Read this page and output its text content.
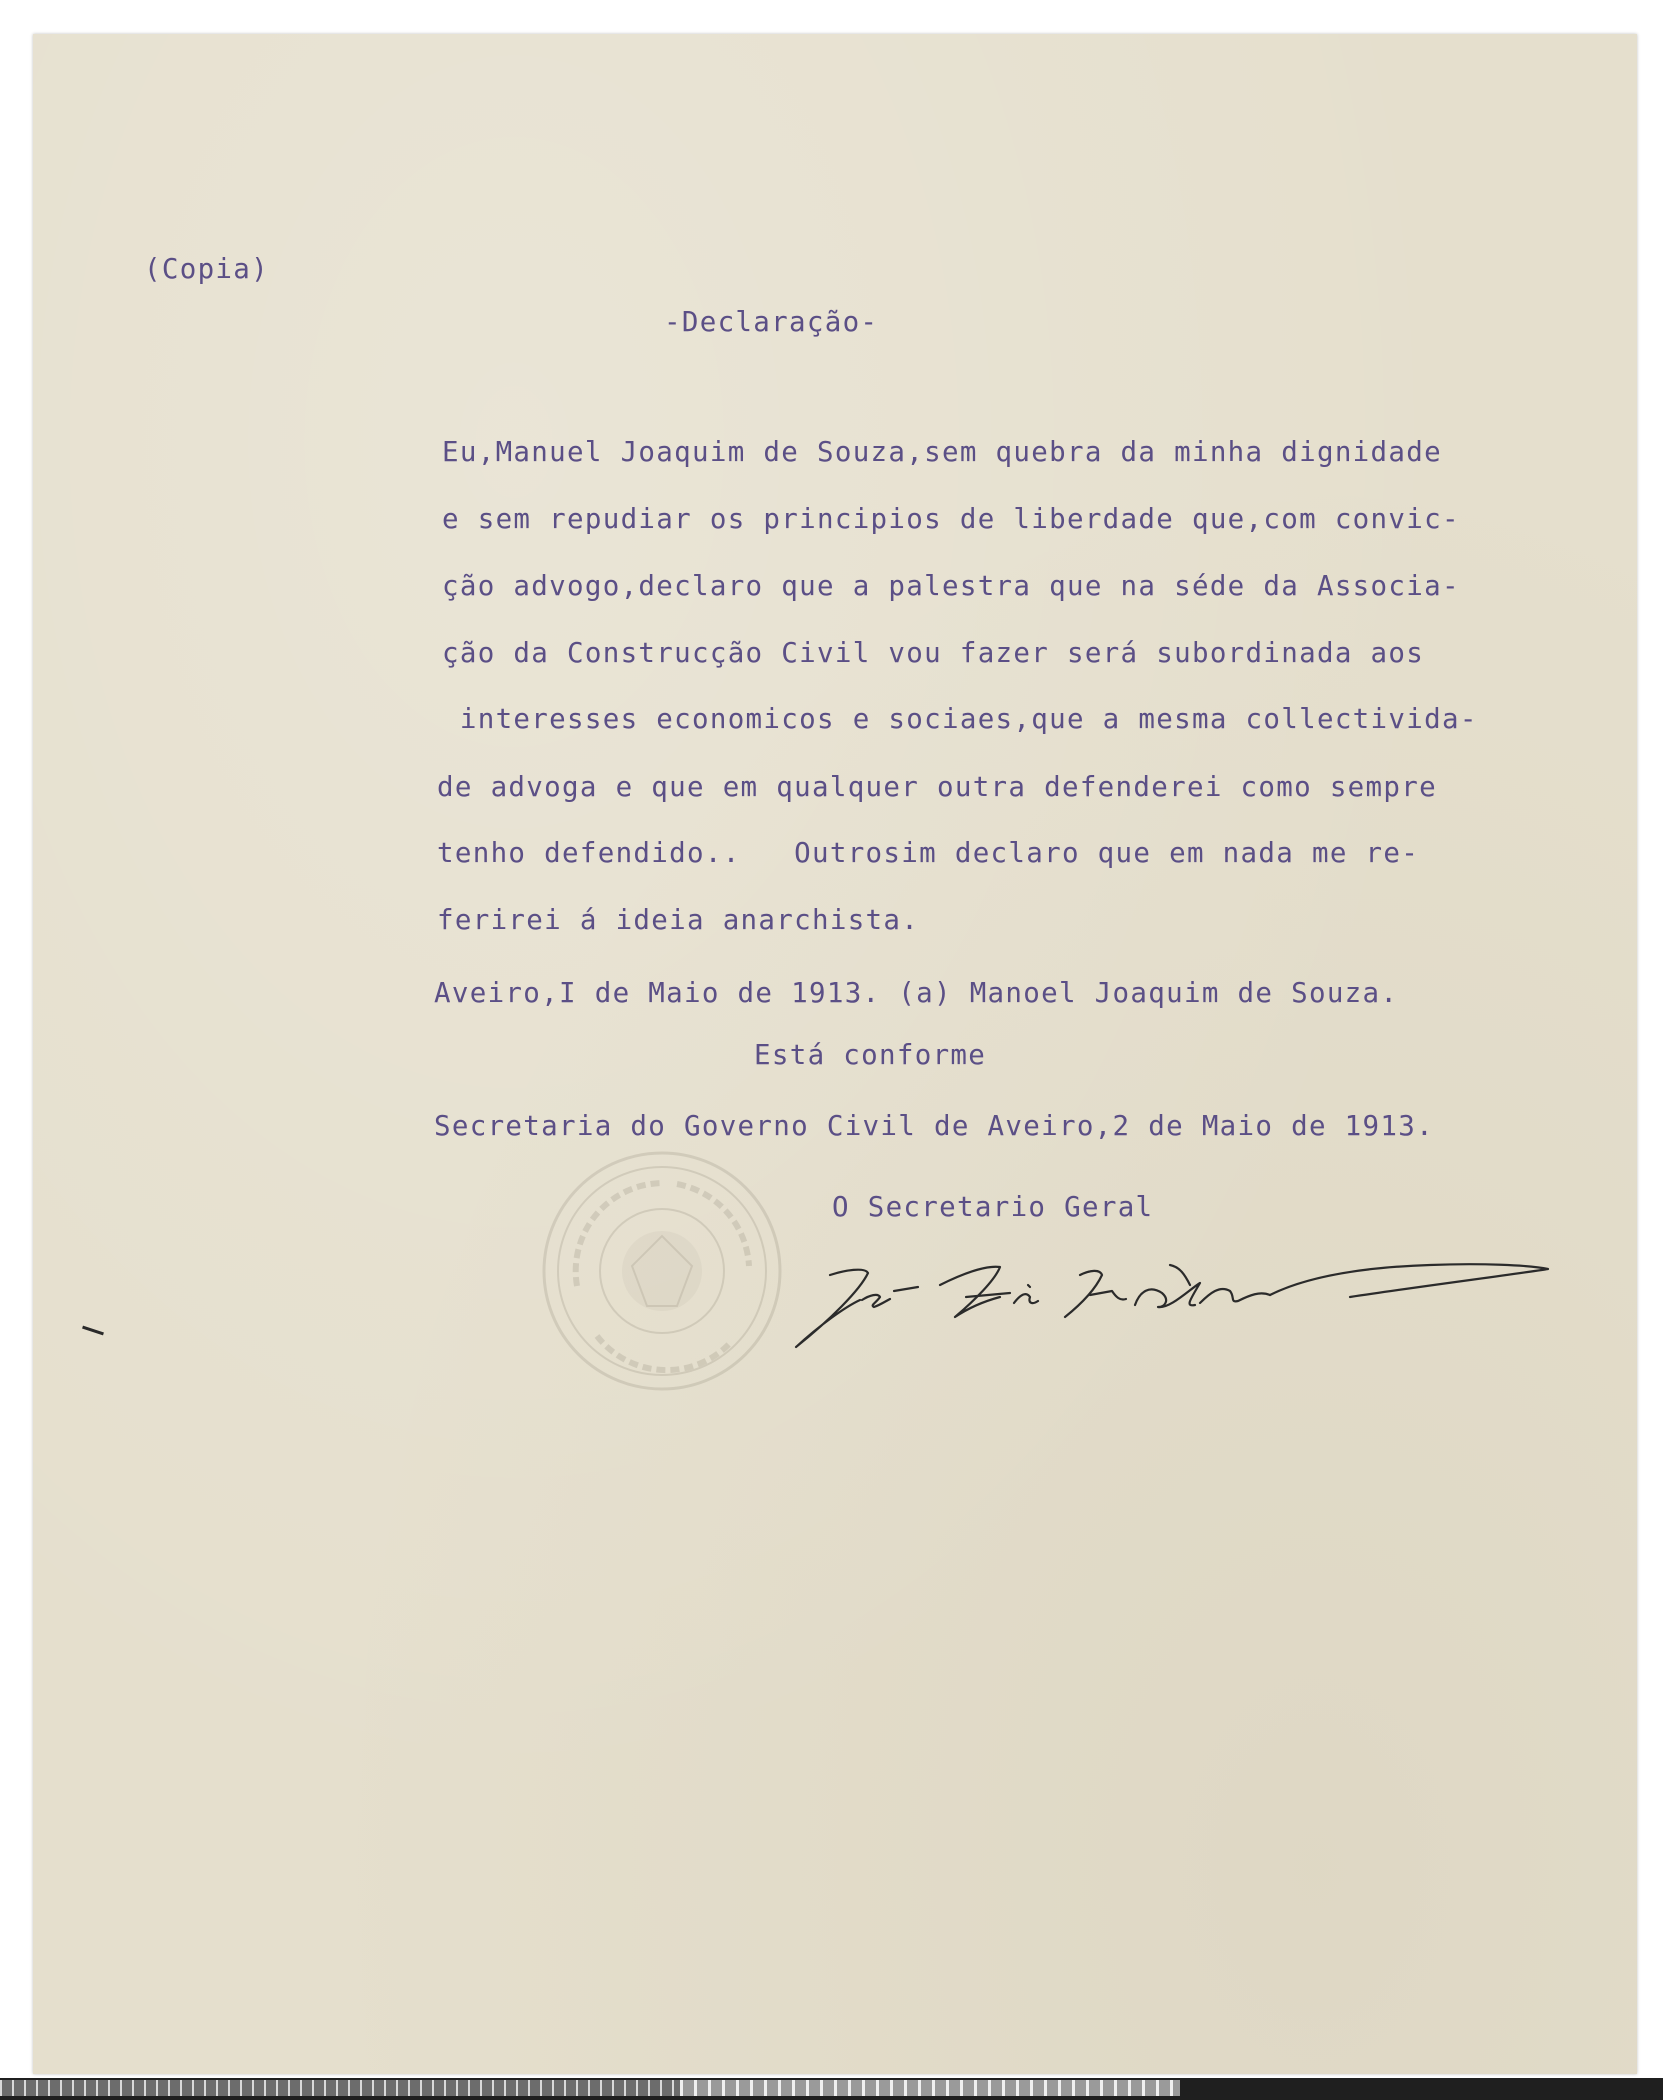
(Copia)
-Declaração-
Eu,Manuel Joaquim de Souza,sem quebra da minha dignidade
e sem repudiar os principios de liberdade que,com convic-
ção advogo,declaro que a palestra que na séde da Associa-
ção da Construcção Civil vou fazer será subordinada aos
interesses economicos e sociaes,que a mesma collectivida-
de advoga e que em qualquer outra defenderei como sempre
tenho defendido..   Outrosim declaro que em nada me re-
ferirei á ideia anarchista.
Aveiro,I de Maio de 1913. (a) Manoel Joaquim de Souza.
Está conforme
Secretaria do Governo Civil de Aveiro,2 de Maio de 1913.
O Secretario Geral
